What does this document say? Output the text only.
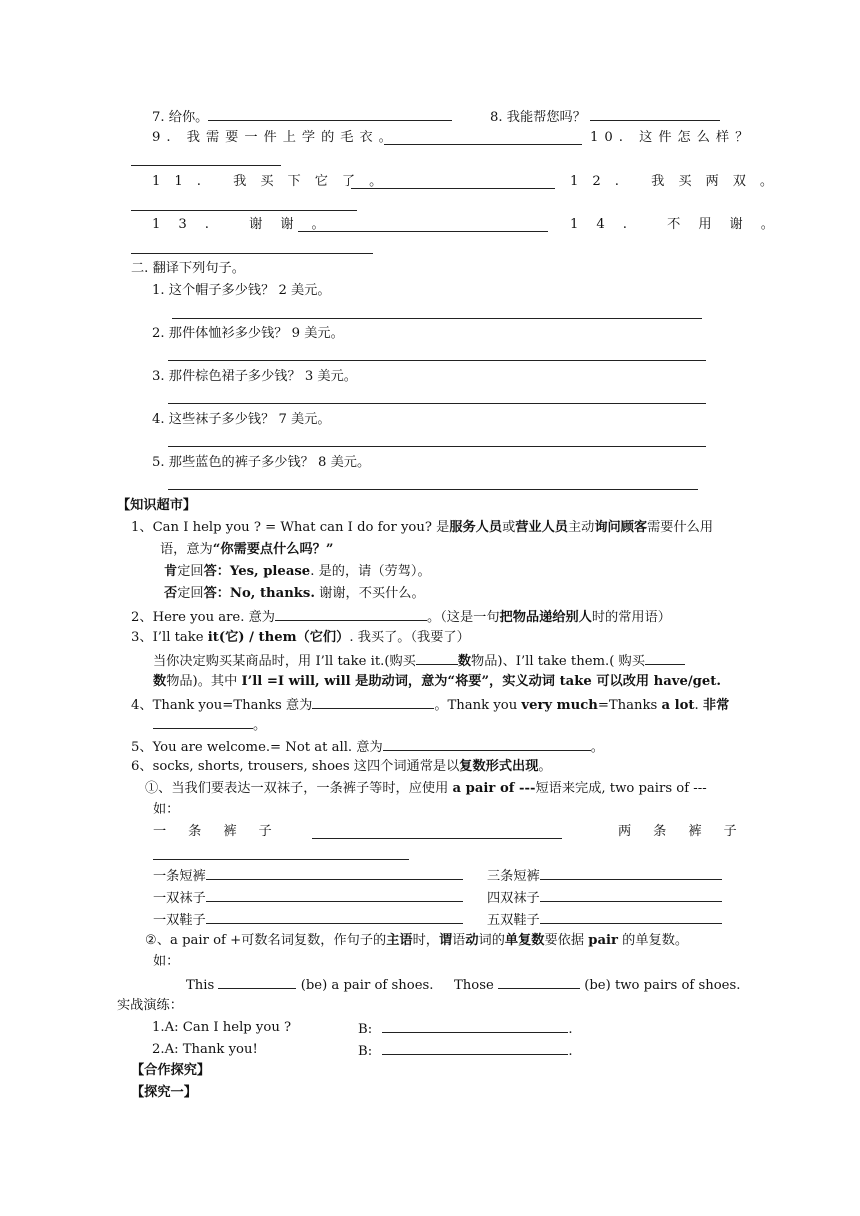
7. 给你。	8. 我能帮您吗？
9. 我需要一件上学的毛衣。	10. 这件怎么样？
11. 我买下它了。	12. 我买两双。
13. 谢谢。	14. 不用谢。
二. 翻译下列句子。
1. 这个帽子多少钱？ 2 美元。
2. 那件体恤衫多少钱？ 9 美元。
3. 那件棕色裙子多少钱？ 3 美元。
4. 这些袜子多少钱？ 7 美元。
5. 那些蓝色的裤子多少钱？ 8 美元。
【知识超市】
1、Can I help you ? = What can I do for you? 是服务人员或营业人员主动询问顾客需要什么用
语，意为“你需要点什么吗？”
肯定回答：Yes, please. 是的，请（劳驾）。
否定回答：No, thanks. 谢谢，不买什么。
2、Here you are. 意为	。（这是一句把物品递给别人时的常用语）
3、I’ll take it(它) / them（它们）. 我买了。（我要了）
当你决定购买某商品时，用 I’ll take it.(购买	数物品)、I’ll take them.( 购买
数物品)。其中 I’ll =I will, will 是助动词，意为“将要”，实义动词 take 可以改用 have/get.
4、Thank you=Thanks 意为	。Thank you very much=Thanks a lot. 非常
。
5、You are welcome.= Not at all. 意为	。
6、socks, shorts, trousers, shoes 这四个词通常是以复数形式出现。
①、当我们要表达一双袜子，一条裤子等时，应使用 a pair of ---短语来完成, two pairs of ---
如：
一条裤子	两条裤子
一条短裤	三条短裤
一双袜子	四双袜子
一双鞋子	五双鞋子
②、a pair of +可数名词复数，作句子的主语时，谓语动词的单复数要依据 pair 的单复数。
如：
This	(be) a pair of shoes. Those	(be) two pairs of shoes.
实战演练：
1.A: Can I help you ?	B:	.
2.A: Thank you!	B:	.
【合作探究】
【探究一】
